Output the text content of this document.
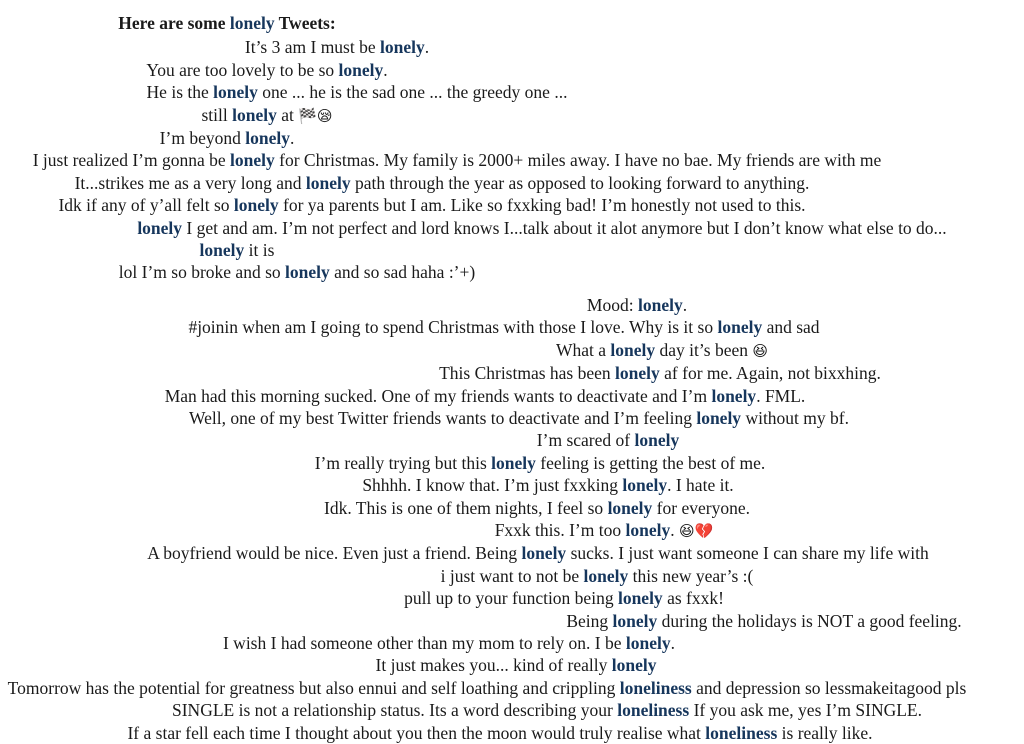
Here are some lonely Tweets:
It’s 3 am I must be lonely.
You are too lovely to be so lonely.
He is the lonely one ... he is the sad one ... the greedy one ...
still lonely at 🏁😪
I’m beyond lonely.
I just realized I’m gonna be lonely for Christmas. My family is 2000+ miles away. I have no bae. My friends are with me
It...strikes me as a very long and lonely path through the year as opposed to looking forward to anything.
Idk if any of y’all felt so lonely for ya parents but I am. Like so fxxking bad! I’m honestly not used to this.
lonely I get and am. I’m not perfect and lord knows I...talk about it alot anymore but I don’t know what else to do...
lonely it is
lol I’m so broke and so lonely and so sad haha :’+)
Mood: lonely.
#joinin when am I going to spend Christmas with those I love. Why is it so lonely and sad
What a lonely day it’s been 😆
This Christmas has been lonely af for me. Again, not bixxhing.
Man had this morning sucked. One of my friends wants to deactivate and I’m lonely. FML.
Well, one of my best Twitter friends wants to deactivate and I’m feeling lonely without my bf.
I’m scared of lonely
I’m really trying but this lonely feeling is getting the best of me.
Shhhh. I know that. I’m just fxxking lonely. I hate it.
Idk. This is one of them nights, I feel so lonely for everyone.
Fxxk this. I’m too lonely. 😆💔
A boyfriend would be nice. Even just a friend. Being lonely sucks. I just want someone I can share my life with
i just want to not be lonely this new year’s :(
pull up to your function being lonely as fxxk!
Being lonely during the holidays is NOT a good feeling.
I wish I had someone other than my mom to rely on. I be lonely.
It just makes you... kind of really lonely
Tomorrow has the potential for greatness but also ennui and self loathing and crippling loneliness and depression so lessmakeitagood pls
SINGLE is not a relationship status. Its a word describing your loneliness If you ask me, yes I’m SINGLE.
If a star fell each time I thought about you then the moon would truly realise what loneliness is really like.
